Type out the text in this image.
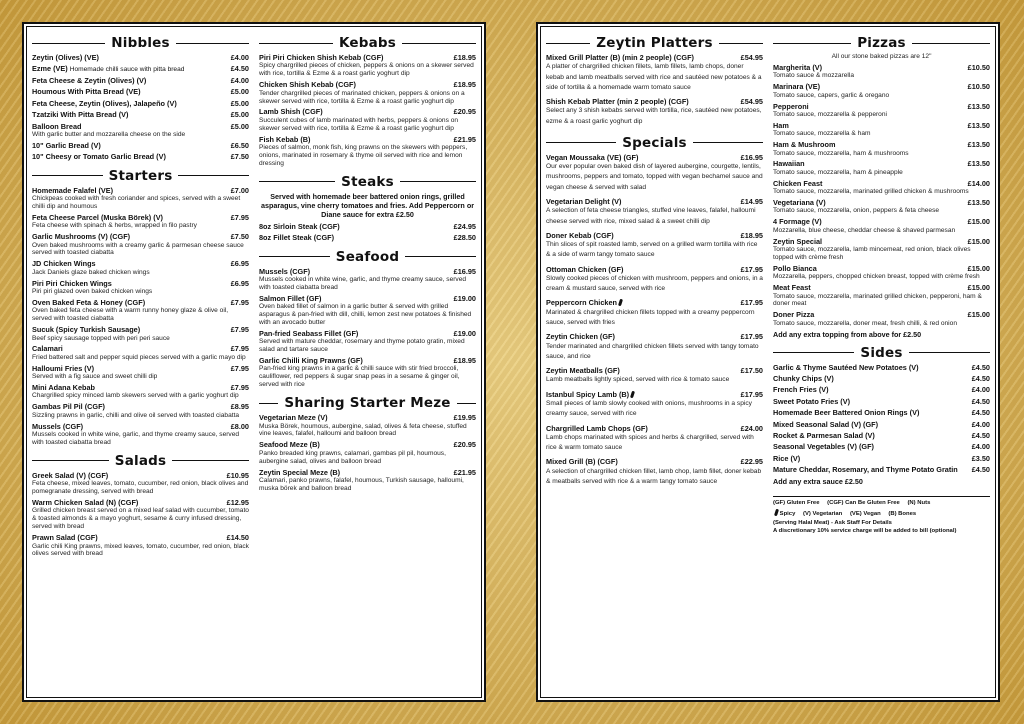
Nibbles
Zeytin (Olives) (VE)	£4.00
Ezme (VE) Homemade chilli sauce with pitta bread	£4.50
Feta Cheese & Zeytin (Olives) (V)	£4.00
Houmous With Pitta Bread (VE)	£5.00
Feta Cheese, Zeytin (Olives), Jalapeño (V)	£5.00
Tzatziki With Pitta Bread (V)	£5.00
Balloon Bread	£5.00
With garlic butter and mozzarella cheese on the side
10" Garlic Bread (V)	£6.50
10" Cheesy or Tomato Garlic Bread (V)	£7.50
Starters
Homemade Falafel (VE)	£7.00
Chickpeas cooked with fresh coriander and spices, served with a sweet chilli dip and houmous
Feta Cheese Parcel (Muska Börek) (V)	£7.95
Feta cheese with spinach & herbs, wrapped in filo pastry
Garlic Mushrooms (V) (CGF)	£7.50
Oven baked mushrooms with a creamy garlic & parmesan cheese sauce served with toasted ciabatta
JD Chicken Wings	£6.95
Jack Daniels glaze baked chicken wings
Piri Piri Chicken Wings	£6.95
Piri piri glazed oven baked chicken wings
Oven Baked Feta & Honey (CGF)	£7.95
Oven baked feta cheese with a warm runny honey glaze & olive oil, served with toasted ciabatta
Sucuk (Spicy Turkish Sausage)	£7.95
Beef spicy sausage topped with peri peri sauce
Calamari	£7.95
Fried battered salt and pepper squid pieces served with a garlic mayo dip
Halloumi Fries (V)	£7.95
Served with a fig sauce and sweet chilli dip
Mini Adana Kebab	£7.95
Chargrilled spicy minced lamb skewers served with a garlic yoghurt dip
Gambas Pil Pil (CGF)	£8.95
Sizzling prawns in garlic, chilli and olive oil served with toasted ciabatta
Mussels (CGF)	£8.00
Mussels cooked in white wine, garlic, and thyme creamy sauce, served with toasted ciabatta bread
Salads
Greek Salad (V) (CGF)	£10.95
Feta cheese, mixed leaves, tomato, cucumber, red onion, black olives and pomegranate dressing, served with bread
Warm Chicken Salad (N) (CGF)	£12.95
Grilled chicken breast served on a mixed leaf salad with cucumber, tomato & toasted almonds & a mayo yoghurt, sesame & curry infused dressing, served with bread
Prawn Salad (CGF)	£14.50
Garlic chili King prawns, mixed leaves, tomato, cucumber, red onion, black olives served with bread
Kebabs
Piri Piri Chicken Shish Kebab (CGF)	£18.95
Spicy chargrilled pieces of chicken, peppers & onions on a skewer served with rice, tortilla & Ezme & a roast garlic yoghurt dip
Chicken Shish Kebab (CGF)	£18.95
Tender chargrilled pieces of marinated chicken, peppers & onions on a skewer served with rice, tortilla & Ezme & a roast garlic yoghurt dip
Lamb Shish (CGF)	£20.95
Succulent cubes of lamb marinated with herbs, peppers & onions on skewer served with rice, tortilla & Ezme & a roast garlic yoghurt dip
Fish Kebab (B)	£21.95
Pieces of salmon, monk fish, king prawns on the skewers with peppers, onions, marinated in rosemary & thyme oil served with rice and lemon dressing
Steaks
Served with homemade beer battered onion rings, grilled asparagus, vine cherry tomatoes and fries. Add Peppercorn or Diane sauce for extra £2.50
8oz Sirloin Steak (CGF)	£24.95
8oz Fillet Steak (CGF)	£28.50
Seafood
Mussels (CGF)	£16.95
Mussels cooked in white wine, garlic, and thyme creamy sauce, served with toasted ciabatta bread
Salmon Fillet (GF)	£19.00
Oven baked fillet of salmon in a garlic butter & served with grilled asparagus & pan-fried with dill, chilli, lemon zest new potatoes & finished with an avocado butter
Pan-fried Seabass Fillet (GF)	£19.00
Served with mature cheddar, rosemary and thyme potato gratin, mixed salad and tartare sauce
Garlic Chilli King Prawns (GF)	£18.95
Pan-fried king prawns in a garlic & chilli sauce with stir fried broccoli, cauliflower, red peppers & sugar snap peas in a sesame & ginger oil, served with rice
Sharing Starter Meze
Vegetarian Meze (V)	£19.95
Muska Börek, houmous, aubergine, salad, olives & feta cheese, stuffed vine leaves, falafel, halloumi and balloon bread
Seafood Meze (B)	£20.95
Panko breaded king prawns, calamari, gambas pil pil, houmous, aubergine salad, olives and balloon bread
Zeytin Special Meze (B)	£21.95
Calamari, panko prawns, falafel, houmous, Turkish sausage, halloumi, muska börek and balloon bread
Zeytin Platters
Mixed Grill Platter (B) (min 2 people) (CGF)	£54.95
A platter of chargrilled chicken fillets, lamb fillets, lamb chops, doner kebab and lamb meatballs served with rice and sautéed new potatoes & a side of tortilla & a homemade warm tomato sauce
Shish Kebab Platter (min 2 people) (CGF)	£54.95
Select any 3 shish kebabs served with tortilla, rice, sautéed new potatoes, ezme & a roast garlic yoghurt dip
Specials
Vegan Moussaka (VE) (GF)	£16.95
Our ever popular oven baked dish of layered aubergine, courgette, lentils, mushrooms, peppers and tomato, topped with vegan bechamel sauce and vegan cheese & served with salad
Vegetarian Delight (V)	£14.95
A selection of feta cheese triangles, stuffed vine leaves, falafel, halloumi cheese served with rice, mixed salad & a sweet chilli dip
Doner Kebab (CGF)	£18.95
Thin slices of spit roasted lamb, served on a grilled warm tortilla with rice & a side of warm tangy tomato sauce
Ottoman Chicken (GF)	£17.95
Slowly cooked pieces of chicken with mushroom, peppers and onions, in a cream & mustard sauce, served with rice
Peppercorn Chicken	£17.95
Marinated & chargrilled chicken fillets topped with a creamy peppercorn sauce, served with fries
Zeytin Chicken (GF)	£17.95
Tender marinated and chargrilled chicken fillets served with tangy tomato sauce, and rice
Zeytin Meatballs (GF)	£17.50
Lamb meatballs lightly spiced, served with rice & tomato sauce
Istanbul Spicy Lamb (B)	£17.95
Small pieces of lamb slowly cooked with onions, mushrooms in a spicy creamy sauce, served with rice
Chargrilled Lamb Chops (GF)	£24.00
Lamb chops marinated with spices and herbs & chargrilled, served with rice & warm tomato sauce
Mixed Grill (B) (CGF)	£22.95
A selection of chargrilled chicken fillet, lamb chop, lamb fillet, doner kebab & meatballs served with rice & a warm tangy tomato sauce
Pizzas
All our stone baked pizzas are 12"
Margherita (V)	£10.50
Tomato sauce & mozzarella
Marinara (VE)	£10.50
Tomato sauce, capers, garlic & oregano
Pepperoni	£13.50
Tomato sauce, mozzarella & pepperoni
Ham	£13.50
Tomato sauce, mozzarella & ham
Ham & Mushroom	£13.50
Tomato sauce, mozzarella, ham & mushrooms
Hawaiian	£13.50
Tomato sauce, mozzarella, ham & pineapple
Chicken Feast	£14.00
Tomato sauce, mozzarella, marinated grilled chicken & mushrooms
Vegetariana (V)	£13.50
Tomato sauce, mozzarella, onion, peppers & feta cheese
4 Formage (V)	£15.00
Mozzarella, blue cheese, cheddar cheese & shaved parmesan
Zeytin Special	£15.00
Tomato sauce, mozzarella, lamb mincemeat, red onion, black olives topped with crème fresh
Pollo Bianca	£15.00
Mozzarella, peppers, chopped chicken breast, topped with crème fresh
Meat Feast	£15.00
Tomato sauce, mozzarella, marinated grilled chicken, pepperoni, ham & doner meat
Doner Pizza	£15.00
Tomato sauce, mozzarella, doner meat, fresh chilli, & red onion
Add any extra topping from above for £2.50
Sides
Garlic & Thyme Sautéed New Potatoes (V)	£4.50
Chunky Chips (V)	£4.50
French Fries (V)	£4.00
Sweet Potato Fries (V)	£4.50
Homemade Beer Battered Onion Rings (V)	£4.50
Mixed Seasonal Salad (V) (GF)	£4.00
Rocket & Parmesan Salad (V)	£4.50
Seasonal Vegetables (V) (GF)	£4.00
Rice (V)	£3.50
Mature Cheddar, Rosemary, and Thyme Potato Gratin £4.50
Add any extra sauce £2.50
(GF) Gluten Free (CGF) Can Be Gluten Free (N) Nuts
Spicy (V) Vegetarian (VE) Vegan (B) Bones
(Serving Halal Meat) - Ask Staff For Details
A discretionary 10% service charge will be added to bill (optional)
